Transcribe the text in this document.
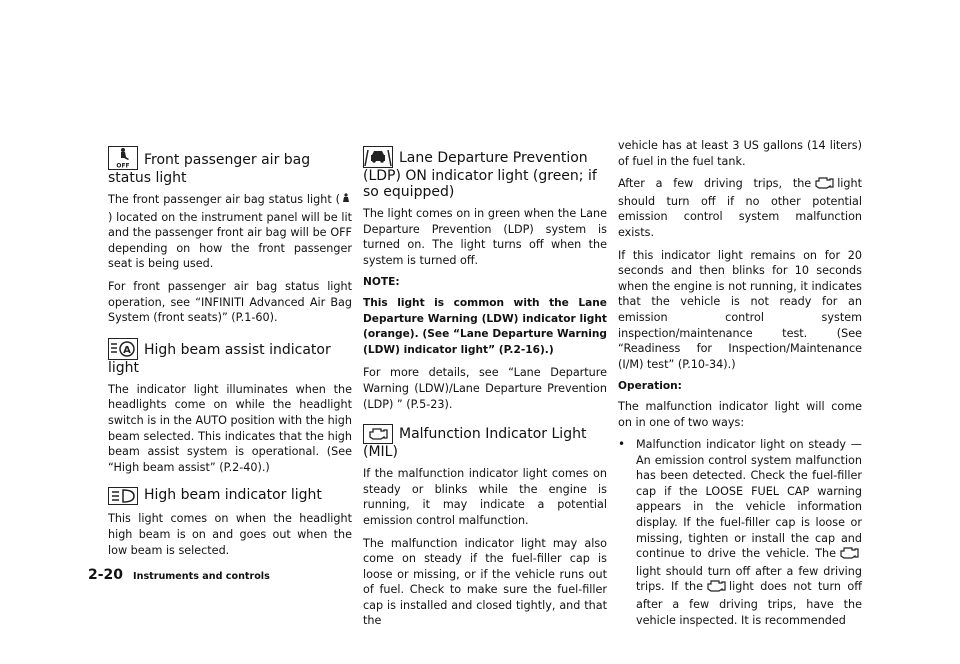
OFF Front passenger air bag status light

The front passenger air bag status light () located on the instrument panel will be lit and the passenger front air bag will be OFF depending on how the front passenger seat is being used.

For front passenger air bag status light operation, see “INFINITI Advanced Air Bag System (front seats)” (P.1-60).

A High beam assist indicator light

The indicator light illuminates when the headlights come on while the headlight switch is in the AUTO position with the high beam selected. This indicates that the high beam assist system is operational. (See “High beam assist” (P.2-40).)

High beam indicator light

This light comes on when the headlight high beam is on and goes out when the low beam is selected.

Lane Departure Prevention (LDP) ON indicator light (green; if so equipped)

The light comes on in green when the Lane Departure Prevention (LDP) system is turned on. The light turns off when the system is turned off.

NOTE:
This light is common with the Lane Departure Warning (LDW) indicator light (orange). (See “Lane Departure Warning (LDW) indicator light” (P.2-16).)

For more details, see “Lane Departure Warning (LDW)/Lane Departure Prevention (LDP) ” (P.5-23).

Malfunction Indicator Light (MIL)

If the malfunction indicator light comes on steady or blinks while the engine is running, it may indicate a potential emission control malfunction.

The malfunction indicator light may also come on steady if the fuel-filler cap is loose or missing, or if the vehicle runs out of fuel. Check to make sure the fuel-filler cap is installed and closed tightly, and that the

vehicle has at least 3 US gallons (14 liters) of fuel in the fuel tank.

After a few driving trips, the light should turn off if no other potential emission control system malfunction exists.

If this indicator light remains on for 20 seconds and then blinks for 10 seconds when the engine is not running, it indicates that the vehicle is not ready for an emission control system inspection/maintenance test. (See “Readiness for Inspection/Maintenance (I/M) test” (P.10-34).)

Operation:

The malfunction indicator light will come on in one of two ways:

• Malfunction indicator light on steady — An emission control system malfunction has been detected. Check the fuel-filler cap if the LOOSE FUEL CAP warning appears in the vehicle information display. If the fuel-filler cap is loose or missing, tighten or install the cap and continue to drive the vehicle. The light should turn off after a few driving trips. If the light does not turn off after a few driving trips, have the vehicle inspected. It is recommended
2-20 Instruments and controls
